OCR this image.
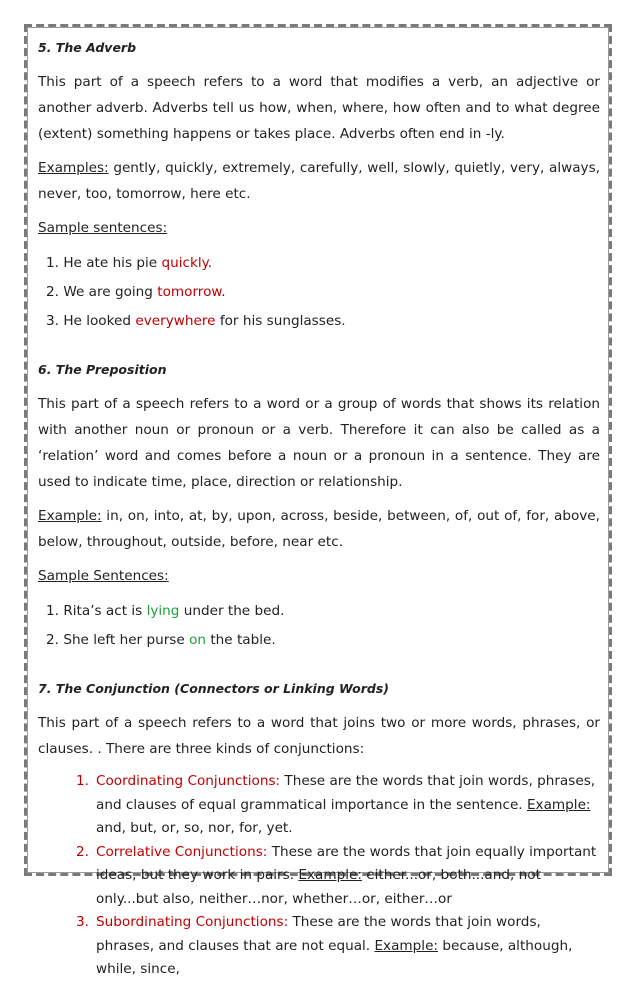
5. The Adverb

This part of a speech refers to a word that modifies a verb, an adjective or another adverb. Adverbs tell us how, when, where, how often and to what degree (extent) something happens or takes place. Adverbs often end in -ly.

Examples: gently, quickly, extremely, carefully, well, slowly, quietly, very, always, never, too, tomorrow, here etc.

Sample sentences:

1. He ate his pie quickly.
2. We are going tomorrow.
3. He looked everywhere for his sunglasses.
6. The Preposition

This part of a speech refers to a word or a group of words that shows its relation with another noun or pronoun or a verb. Therefore it can also be called as a ‘relation’ word and comes before a noun or a pronoun in a sentence. They are used to indicate time, place, direction or relationship.

Example: in, on, into, at, by, upon, across, beside, between, of, out of, for, above, below, throughout, outside, before, near etc.

Sample Sentences:

1. Rita’s act is lying under the bed.
2. She left her purse on the table.
7. The Conjunction (Connectors or Linking Words)

This part of a speech refers to a word that joins two or more words, phrases, or clauses. . There are three kinds of conjunctions:

1. Coordinating Conjunctions: These are the words that join words, phrases, and clauses of equal grammatical importance in the sentence. Example: and, but, or, so, nor, for, yet.
2. Correlative Conjunctions: These are the words that join equally important ideas, but they work in pairs. Example: either...or, both...and, not only...but also, neither…nor, whether…or, either…or
3. Subordinating Conjunctions: These are the words that join words, phrases, and clauses that are not equal. Example: because, although, while, since,
